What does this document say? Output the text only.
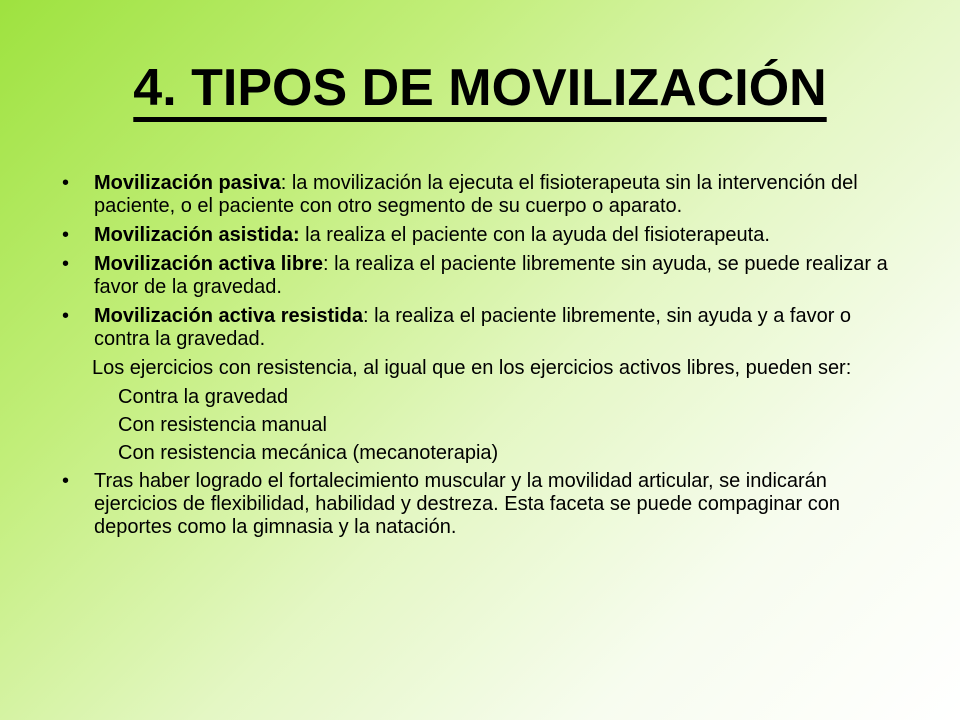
4. TIPOS DE MOVILIZACIÓN
• Movilización pasiva: la movilización la ejecuta el fisioterapeuta sin la intervención del paciente, o el paciente con otro segmento de su cuerpo o aparato.
• Movilización asistida: la realiza el paciente con la ayuda del fisioterapeuta.
• Movilización activa libre: la realiza el paciente libremente sin ayuda, se puede realizar a favor de la gravedad.
• Movilización activa resistida: la realiza el paciente libremente, sin ayuda y a favor o contra la gravedad.
Los ejercicios con resistencia, al igual que en los ejercicios activos libres, pueden ser:
Contra la gravedad
Con resistencia manual
Con resistencia mecánica (mecanoterapia)
• Tras haber logrado el fortalecimiento muscular y la movilidad articular, se indicarán ejercicios de flexibilidad, habilidad y destreza. Esta faceta se puede compaginar con deportes como la gimnasia y la natación.
